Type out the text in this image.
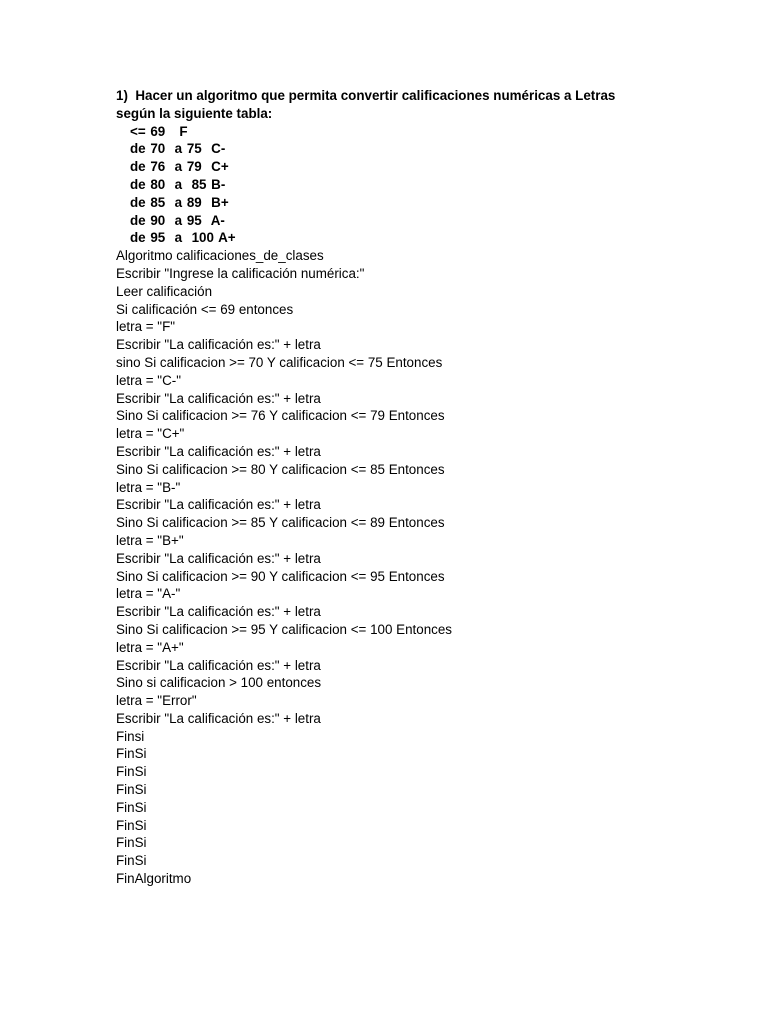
1)  Hacer un algoritmo que permita convertir calificaciones numéricas a Letras
según la siguiente tabla:
<= 69   F
de 70  a 75  C-
de 76  a 79  C+
de 80  a  85 B-
de 85  a 89  B+
de 90  a 95  A-
de 95  a  100 A+
Algoritmo calificaciones_de_clases
Escribir "Ingrese la calificación numérica:"
Leer calificación
Si calificación <= 69 entonces
letra = "F"
Escribir "La calificación es:" + letra
sino Si calificacion >= 70 Y calificacion <= 75 Entonces
letra = "C-"
Escribir "La calificación es:" + letra
Sino Si calificacion >= 76 Y calificacion <= 79 Entonces
letra = "C+"
Escribir "La calificación es:" + letra
Sino Si calificacion >= 80 Y calificacion <= 85 Entonces
letra = "B-"
Escribir "La calificación es:" + letra
Sino Si calificacion >= 85 Y calificacion <= 89 Entonces
letra = "B+"
Escribir "La calificación es:" + letra
Sino Si calificacion >= 90 Y calificacion <= 95 Entonces
letra = "A-"
Escribir "La calificación es:" + letra
Sino Si calificacion >= 95 Y calificacion <= 100 Entonces
letra = "A+"
Escribir "La calificación es:" + letra
Sino si calificacion > 100 entonces
letra = "Error"
Escribir "La calificación es:" + letra
Finsi
FinSi
FinSi
FinSi
FinSi
FinSi
FinSi
FinSi
FinAlgoritmo
